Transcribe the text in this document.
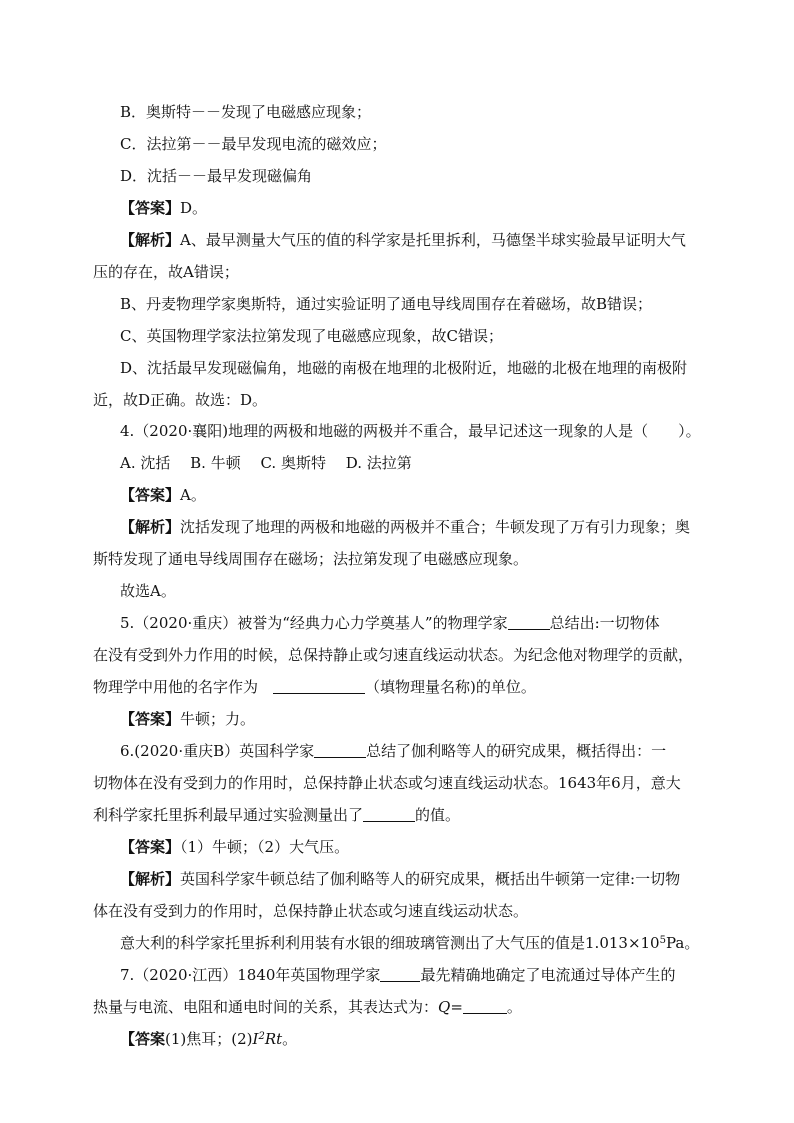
B．奥斯特－－发现了电磁感应现象；
C．法拉第－－最早发现电流的磁效应；
D．沈括－－最早发现磁偏角
【答案】D。
【解析】A、最早测量大气压的值的科学家是托里拆利，马德堡半球实验最早证明大气
压的存在，故A错误；
B、丹麦物理学家奥斯特，通过实验证明了通电导线周围存在着磁场，故B错误；
C、英国物理学家法拉第发现了电磁感应现象，故C错误；
D、沈括最早发现磁偏角，地磁的南极在地理的北极附近，地磁的北极在地理的南极附
近，故D正确。故选：D。
4.（2020·襄阳)地理的两极和地磁的两极并不重合，最早记述这一现象的人是（　　）。
A. 沈括　 B. 牛顿　 C. 奥斯特　 D. 法拉第
【答案】A。
【解析】沈括发现了地理的两极和地磁的两极并不重合；牛顿发现了万有引力现象；奥
斯特发现了通电导线周围存在磁场；法拉第发现了电磁感应现象。
故选A。
5.（2020·重庆）被誉为“经典力心力学奠基人”的物理学家	总结出:一切物体
在没有受到外力作用的时候，总保持静止或匀速直线运动状态。为纪念他对物理学的贡献，
物理学中用他的名字作为　	（填物理量名称)的单位。
【答案】牛顿；力。
6.(2020·重庆B）英国科学家	总结了伽利略等人的研究成果，概括得出：一
切物体在没有受到力的作用时，总保持静止状态或匀速直线运动状态。1643年6月，意大
利科学家托里拆利最早通过实验测量出了	的值。
【答案】（1）牛顿；（2）大气压。
【解析】英国科学家牛顿总结了伽利略等人的研究成果，概括出牛顿第一定律:一切物
体在没有受到力的作用时，总保持静止状态或匀速直线运动状态。
意大利的科学家托里拆利利用装有水银的细玻璃管测出了大气压的值是$1.013\times 10^5Pa$。
7.（2020·江西）1840年英国物理学家	最先精确地确定了电流通过导体产生的
热量与电流、电阻和通电时间的关系，其表达式为：Q=	。
【答案(1)焦耳；$(2)I^2Rt$。
